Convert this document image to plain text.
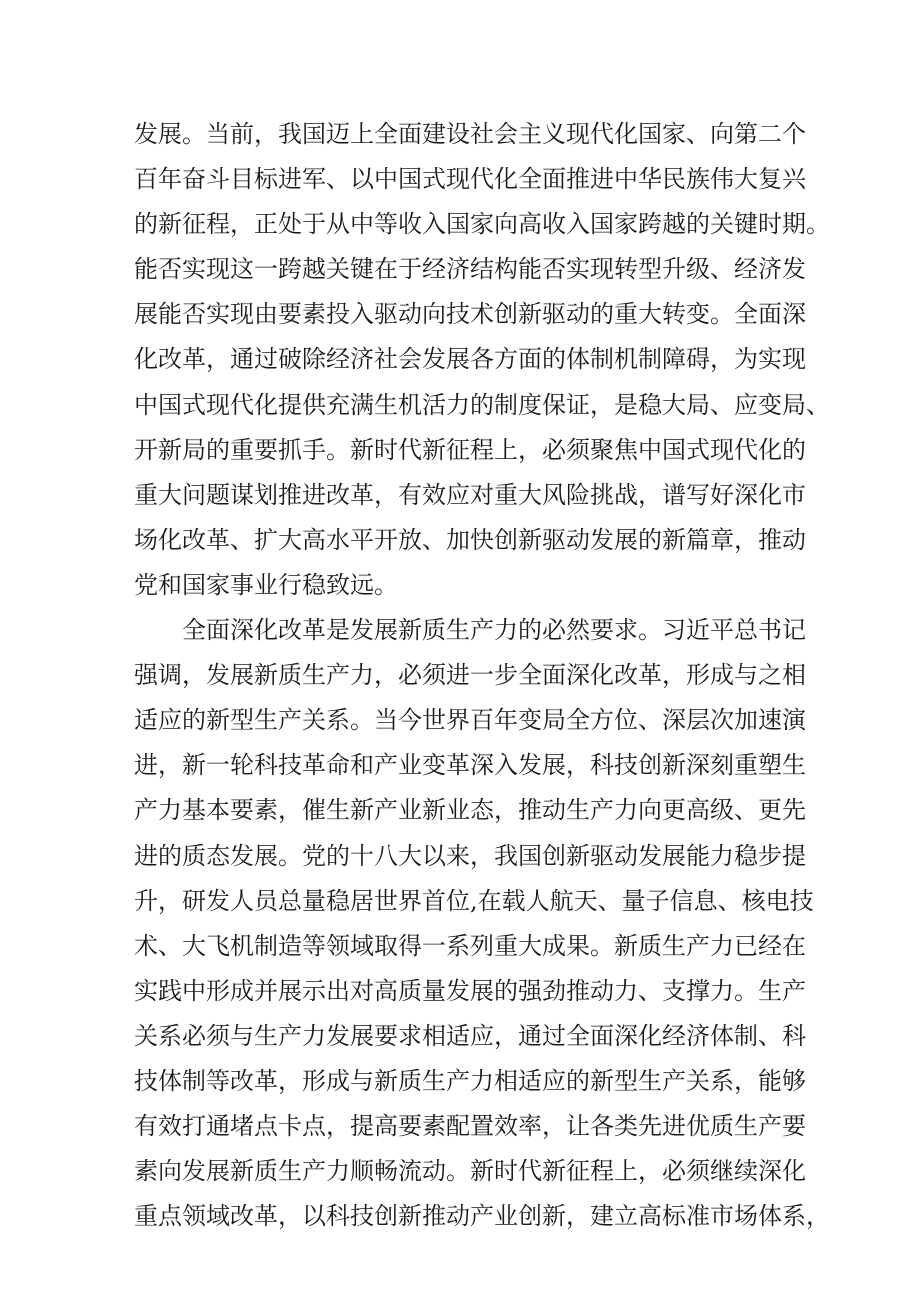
发展。当前，我国迈上全面建设社会主义现代化国家、向第二个
百年奋斗目标进军、以中国式现代化全面推进中华民族伟大复兴
的新征程，正处于从中等收入国家向高收入国家跨越的关键时期。
能否实现这一跨越关键在于经济结构能否实现转型升级、经济发
展能否实现由要素投入驱动向技术创新驱动的重大转变。全面深
化改革，通过破除经济社会发展各方面的体制机制障碍，为实现
中国式现代化提供充满生机活力的制度保证，是稳大局、应变局、
开新局的重要抓手。新时代新征程上，必须聚焦中国式现代化的
重大问题谋划推进改革，有效应对重大风险挑战，谱写好深化市
场化改革、扩大高水平开放、加快创新驱动发展的新篇章，推动
党和国家事业行稳致远。
全面深化改革是发展新质生产力的必然要求。习近平总书记
强调，发展新质生产力，必须进一步全面深化改革，形成与之相
适应的新型生产关系。当今世界百年变局全方位、深层次加速演
进，新一轮科技革命和产业变革深入发展，科技创新深刻重塑生
产力基本要素，催生新产业新业态，推动生产力向更高级、更先
进的质态发展。党的十八大以来，我国创新驱动发展能力稳步提
升，研发人员总量稳居世界首位,在载人航天、量子信息、核电技
术、大飞机制造等领域取得一系列重大成果。新质生产力已经在
实践中形成并展示出对高质量发展的强劲推动力、支撑力。生产
关系必须与生产力发展要求相适应，通过全面深化经济体制、科
技体制等改革，形成与新质生产力相适应的新型生产关系，能够
有效打通堵点卡点，提高要素配置效率，让各类先进优质生产要
素向发展新质生产力顺畅流动。新时代新征程上，必须继续深化
重点领域改革，以科技创新推动产业创新，建立高标准市场体系，
